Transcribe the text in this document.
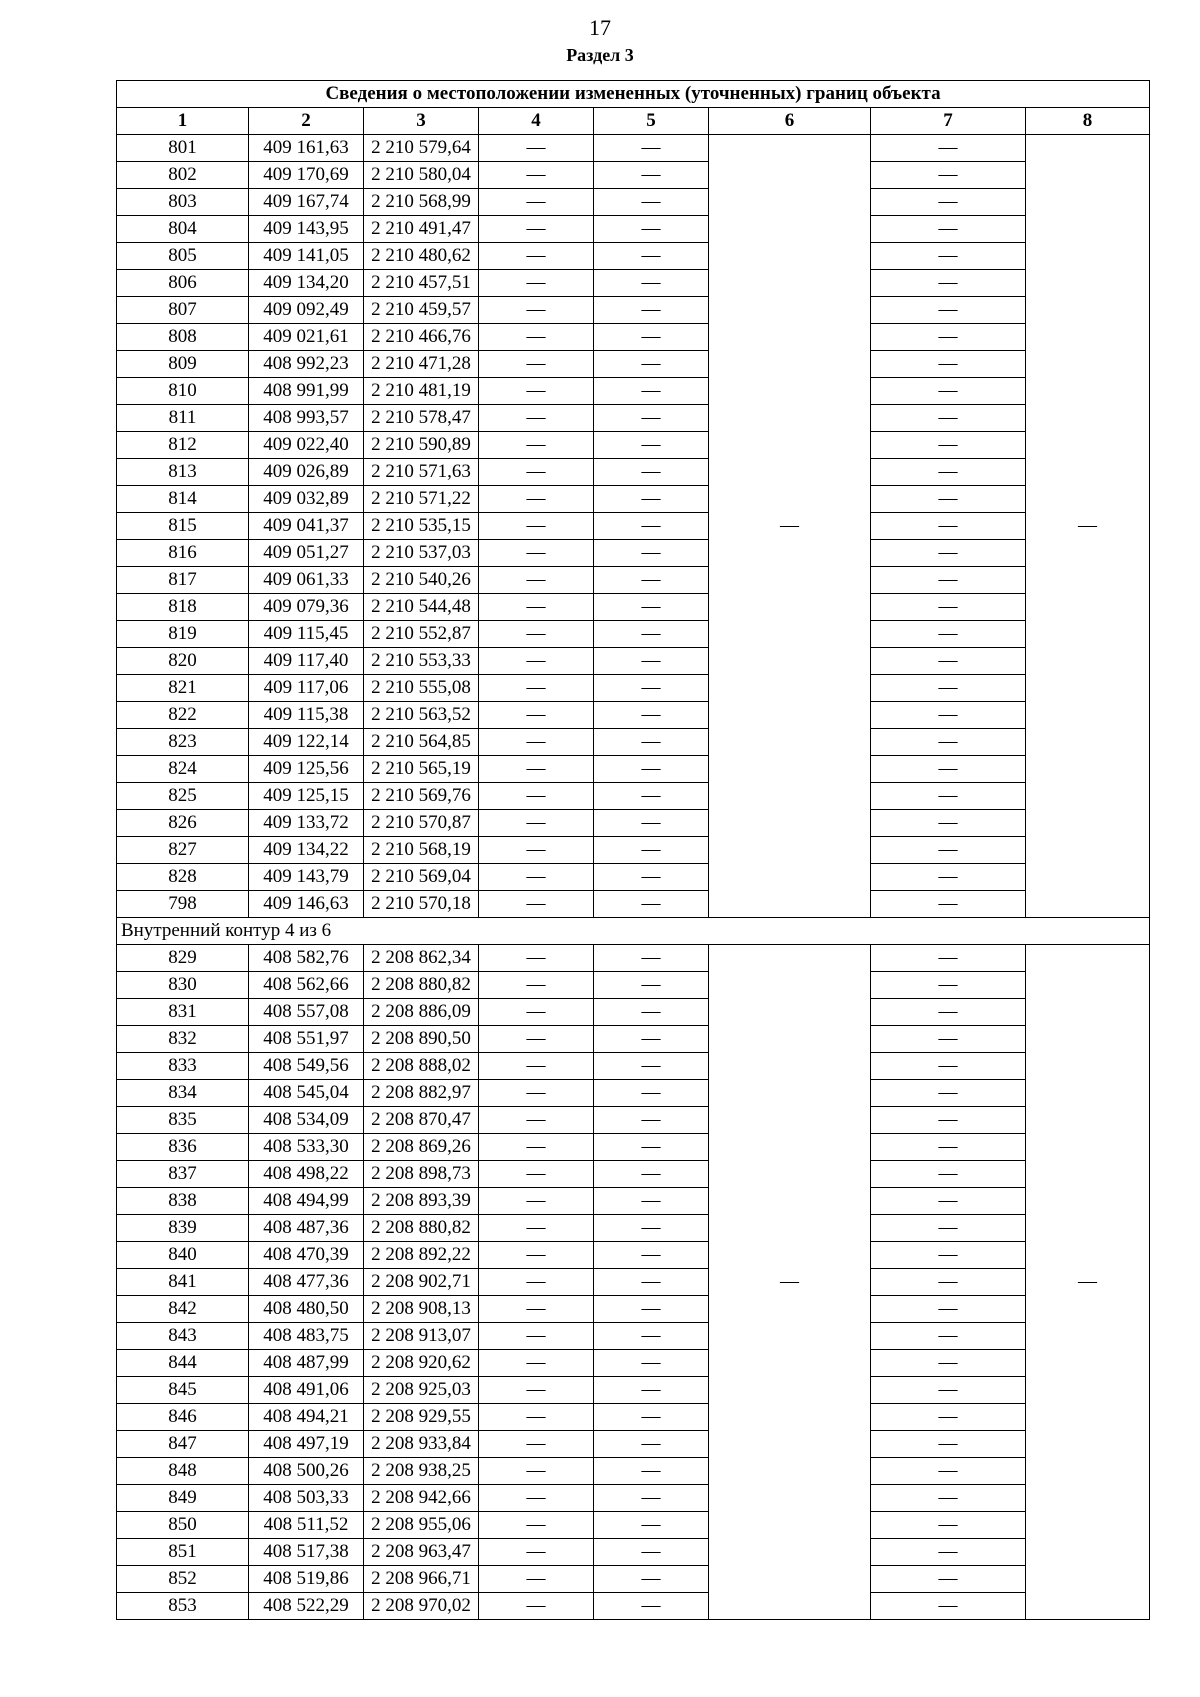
17
Раздел 3
Сведения о местоположении измененных (уточненных) границ объекта							
1	2	3	4	5	6	7	8
801	409 161,63	2 210 579,64	—	—	—	—	—
802	409 170,69	2 210 580,04	—	—		—	
803	409 167,74	2 210 568,99	—	—		—	
804	409 143,95	2 210 491,47	—	—		—	
805	409 141,05	2 210 480,62	—	—		—	
806	409 134,20	2 210 457,51	—	—		—	
807	409 092,49	2 210 459,57	—	—		—	
808	409 021,61	2 210 466,76	—	—		—	
809	408 992,23	2 210 471,28	—	—		—	
810	408 991,99	2 210 481,19	—	—		—	
811	408 993,57	2 210 578,47	—	—		—	
812	409 022,40	2 210 590,89	—	—		—	
813	409 026,89	2 210 571,63	—	—		—	
814	409 032,89	2 210 571,22	—	—		—	
815	409 041,37	2 210 535,15	—	—		—	
816	409 051,27	2 210 537,03	—	—		—	
817	409 061,33	2 210 540,26	—	—		—	
818	409 079,36	2 210 544,48	—	—		—	
819	409 115,45	2 210 552,87	—	—		—	
820	409 117,40	2 210 553,33	—	—		—	
821	409 117,06	2 210 555,08	—	—		—	
822	409 115,38	2 210 563,52	—	—		—	
823	409 122,14	2 210 564,85	—	—		—	
824	409 125,56	2 210 565,19	—	—		—	
825	409 125,15	2 210 569,76	—	—		—	
826	409 133,72	2 210 570,87	—	—		—	
827	409 134,22	2 210 568,19	—	—		—	
828	409 143,79	2 210 569,04	—	—		—	
798	409 146,63	2 210 570,18	—	—		—	
Внутренний контур 4 из 6							
829	408 582,76	2 208 862,34	—	—	—	—	—
830	408 562,66	2 208 880,82	—	—		—	
831	408 557,08	2 208 886,09	—	—		—	
832	408 551,97	2 208 890,50	—	—		—	
833	408 549,56	2 208 888,02	—	—		—	
834	408 545,04	2 208 882,97	—	—		—	
835	408 534,09	2 208 870,47	—	—		—	
836	408 533,30	2 208 869,26	—	—		—	
837	408 498,22	2 208 898,73	—	—		—	
838	408 494,99	2 208 893,39	—	—		—	
839	408 487,36	2 208 880,82	—	—		—	
840	408 470,39	2 208 892,22	—	—		—	
841	408 477,36	2 208 902,71	—	—		—	
842	408 480,50	2 208 908,13	—	—		—	
843	408 483,75	2 208 913,07	—	—		—	
844	408 487,99	2 208 920,62	—	—		—	
845	408 491,06	2 208 925,03	—	—		—	
846	408 494,21	2 208 929,55	—	—		—	
847	408 497,19	2 208 933,84	—	—		—	
848	408 500,26	2 208 938,25	—	—		—	
849	408 503,33	2 208 942,66	—	—		—	
850	408 511,52	2 208 955,06	—	—		—	
851	408 517,38	2 208 963,47	—	—		—	
852	408 519,86	2 208 966,71	—	—		—	
853	408 522,29	2 208 970,02	—	—		—	
